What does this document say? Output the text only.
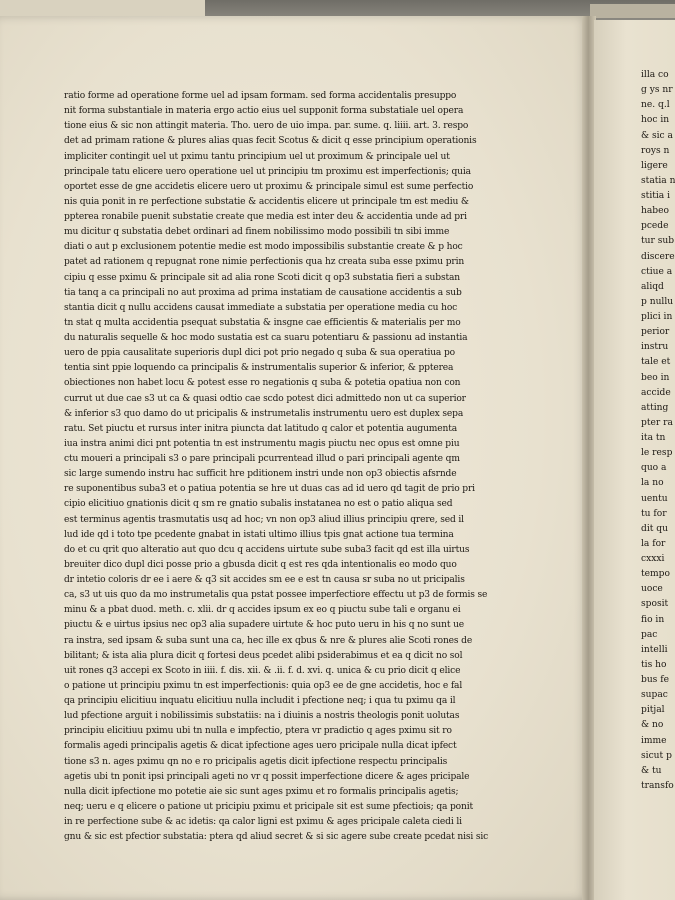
ratio forme ad operatione forme uel ad ipsam formam. sed forma accidentalis presuppo
nit forma substantiale in materia ergo actio eius uel supponit forma substatiale uel opera
tione eius & sic non attingit materia. Tho. uero de uio impa. par. sume. q. liiii. art. 3. respo
det ad primam ratione & plures alias quas fecit Scotus & dicit q esse principium operationis
impliciter contingit uel ut pximu tantu principium uel ut proximum & principale uel ut
principale tatu elicere uero operatione uel ut principiu tm proximu est imperfectionis; quia
oportet esse de gne accidetis elicere uero ut proximu & principale simul est sume perfectio
nis quia ponit in re perfectione substatie & accidentis elicere ut principale tm est mediu &
ppterea ronabile puenit substatie create que media est inter deu & accidentia unde ad pri
mu dicitur q substatia debet ordinari ad finem nobilissimo modo possibili tn sibi imme
diati o aut p exclusionem potentie medie est modo impossibilis substantie create & p hoc
patet ad rationem q repugnat rone nimie perfectionis qua hz creata suba esse pximu prin
cipiu q esse pximu & principale sit ad alia rone Scoti dicit q op3 substatia fieri a substan
tia tanq a ca principali no aut proxima ad prima instatiam de causatione accidentis a sub
stantia dicit q nullu accidens causat immediate a substatia per operatione media cu hoc
tn stat q multa accidentia psequat substatia & insgne cae efficientis & materialis per mo
du naturalis sequelle & hoc modo sustatia est ca suaru potentiaru & passionu ad instantia
uero de ppia causalitate superioris dupl dici pot prio negado q suba & sua operatiua po
tentia sint ppie loquendo ca principalis & instrumentalis superior & inferior, & ppterea
obiectiones non habet locu & potest esse ro negationis q suba & potetia opatiua non con
currut ut due cae s3 ut ca & quasi odtio cae scdo potest dici admittedo non ut ca superior
& inferior s3 quo damo do ut pricipalis & instrumetalis instrumentu uero est duplex sepa
ratu. Set piuctu et rursus inter initra piuncta dat latitudo q calor et potentia augumenta
iua instra animi dici pnt potentia tn est instrumentu magis piuctu nec opus est omne piu
ctu moueri a principali s3 o pare principali pcurrentead illud o pari principali agente qm
sic large sumendo instru hac sufficit hre pditionem instri unde non op3 obiectis afsrnde
re suponentibus suba3 et o patiua potentia se hre ut duas cas ad id uero qd tagit de prio pri
cipio elicitiuo gnationis dicit q sm re gnatio subalis instatanea no est o patio aliqua sed
est terminus agentis trasmutatis usq ad hoc; vn non op3 aliud illius principiu qrere, sed il
lud ide qd i toto tpe pcedente gnabat in istati ultimo illius tpis gnat actione tua termina
do et cu qrit quo alteratio aut quo dcu q accidens uirtute sube suba3 facit qd est illa uirtus
breuiter dico dupl dici posse prio a gbusda dicit q est res qda intentionalis eo modo quo
dr intetio coloris dr ee i aere & q3 sit accides sm ee e est tn causa sr suba no ut pricipalis
ca, s3 ut uis quo da mo instrumetalis qua pstat possee imperfectiore effectu ut p3 de formis se
minu & a pbat duod. meth. c. xlii. dr q accides ipsum ex eo q piuctu sube tali e organu ei
piuctu & e uirtus ipsius nec op3 alia supadere uirtute & hoc puto ueru in his q no sunt ue
ra instra, sed ipsam & suba sunt una ca, hec ille ex qbus & nre & plures alie Scoti rones de
bilitant; & ista alia plura dicit q fortesi deus pcedet alibi psiderabimus et ea q dicit no sol
uit rones q3 accepi ex Scoto in iiii. f. dis. xii. & .ii. f. d. xvi. q. unica & cu prio dicit q elice
o patione ut principiu pximu tn est imperfectionis: quia op3 ee de gne accidetis, hoc e fal
qa principiu elicitiuu inquatu elicitiuu nulla includit i pfectione neq; i qua tu pximu qa il
lud pfectione arguit i nobilissimis substatiis: na i diuinis a nostris theologis ponit uolutas
principiu elicitiuu pximu ubi tn nulla e impfectio, ptera vr pradictio q ages pximu sit ro
formalis agedi principalis agetis & dicat ipfectione ages uero pricipale nulla dicat ipfect
tione s3 n. ages pximu qn no e ro pricipalis agetis dicit ipfectione respectu principalis
agetis ubi tn ponit ipsi principali ageti no vr q possit imperfectione dicere & ages pricipale
nulla dicit ipfectione mo potetie aie sic sunt ages pximu et ro formalis principalis agetis;
neq; ueru e q elicere o patione ut pricipiu pximu et pricipale sit est sume pfectiois; qa ponit
in re perfectione sube & ac idetis: qa calor ligni est pximu & ages pricipale caleta ciedi li
gnu & sic est pfectior substatia: ptera qd aliud secret & si sic agere sube create pcedat nisi sic
illa co
g ys nr
ne. q.l
hoc in
& sic a
roys n
ligere
statia n
stitia i
habeo
pcede
tur sub
discere
ctiue a
aliqd
p nullu
plici in
perior
instru
tale et
beo in
accide
atting
pter ra
ita tn
le resp
quo a
la no
uentu
tu for
dit qu
la for
cxxxi
tempo
uoce
sposit
fio in
pac
intelli
tis ho
bus fe
supac
pitjal
& no
imme
sicut p
& tu
transfo
